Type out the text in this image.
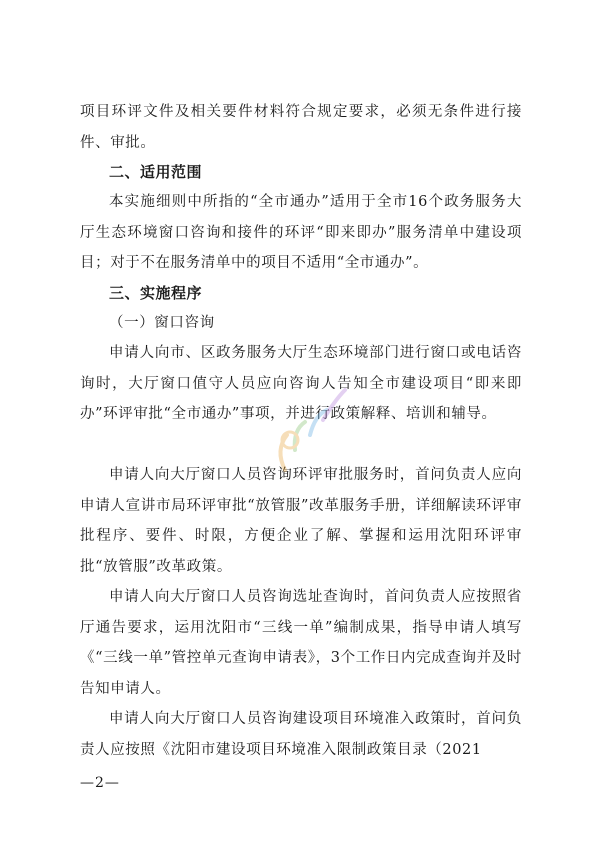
项目环评文件及相关要件材料符合规定要求，必须无条件进行接件、审批。

二、适用范围

本实施细则中所指的“全市通办”适用于全市16个政务服务大厅生态环境窗口咨询和接件的环评“即来即办”服务清单中建设项目；对于不在服务清单中的项目不适用“全市通办”。

三、实施程序

（一）窗口咨询

申请人向市、区政务服务大厅生态环境部门进行窗口或电话咨询时，大厅窗口值守人员应向咨询人告知全市建设项目“即来即办”环评审批“全市通办”事项，并进行政策解释、培训和辅导。

申请人向大厅窗口人员咨询环评审批服务时，首问负责人应向申请人宣讲市局环评审批“放管服”改革服务手册，详细解读环评审批程序、要件、时限，方便企业了解、掌握和运用沈阳环评审批“放管服”改革政策。

申请人向大厅窗口人员咨询选址查询时，首问负责人应按照省厅通告要求，运用沈阳市“三线一单”编制成果，指导申请人填写《“三线一单”管控单元查询申请表》，3个工作日内完成查询并及时告知申请人。

申请人向大厅窗口人员咨询建设项目环境准入政策时，首问负责人应按照《沈阳市建设项目环境准入限制政策目录（2021

—2—
